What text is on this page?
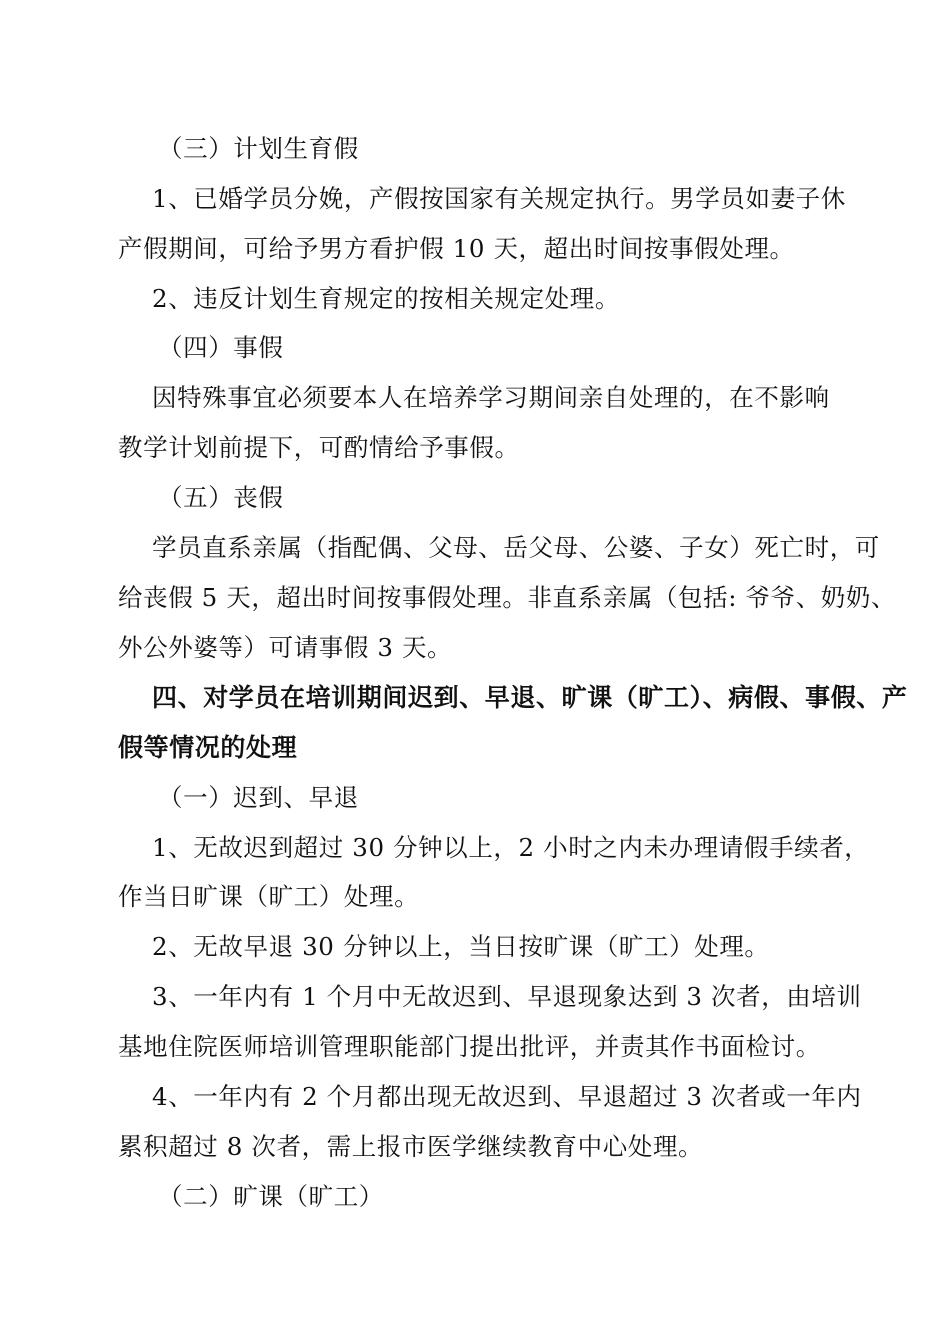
（三）计划生育假
1、已婚学员分娩，产假按国家有关规定执行。男学员如妻子休
产假期间，可给予男方看护假 10 天，超出时间按事假处理。
2、违反计划生育规定的按相关规定处理。
（四）事假
因特殊事宜必须要本人在培养学习期间亲自处理的，在不影响
教学计划前提下，可酌情给予事假。
（五）丧假
学员直系亲属（指配偶、父母、岳父母、公婆、子女）死亡时，可
给丧假 5 天，超出时间按事假处理。非直系亲属（包括: 爷爷、奶奶、
外公外婆等）可请事假 3 天。
四、对学员在培训期间迟到、早退、旷课（旷工）、病假、事假、产
假等情况的处理
（一）迟到、早退
1、无故迟到超过 30 分钟以上，2 小时之内未办理请假手续者，
作当日旷课（旷工）处理。
2、无故早退 30 分钟以上，当日按旷课（旷工）处理。
3、一年内有 1 个月中无故迟到、早退现象达到 3 次者，由培训
基地住院医师培训管理职能部门提出批评，并责其作书面检讨。
4、一年内有 2 个月都出现无故迟到、早退超过 3 次者或一年内
累积超过 8 次者，需上报市医学继续教育中心处理。
（二）旷课（旷工）
